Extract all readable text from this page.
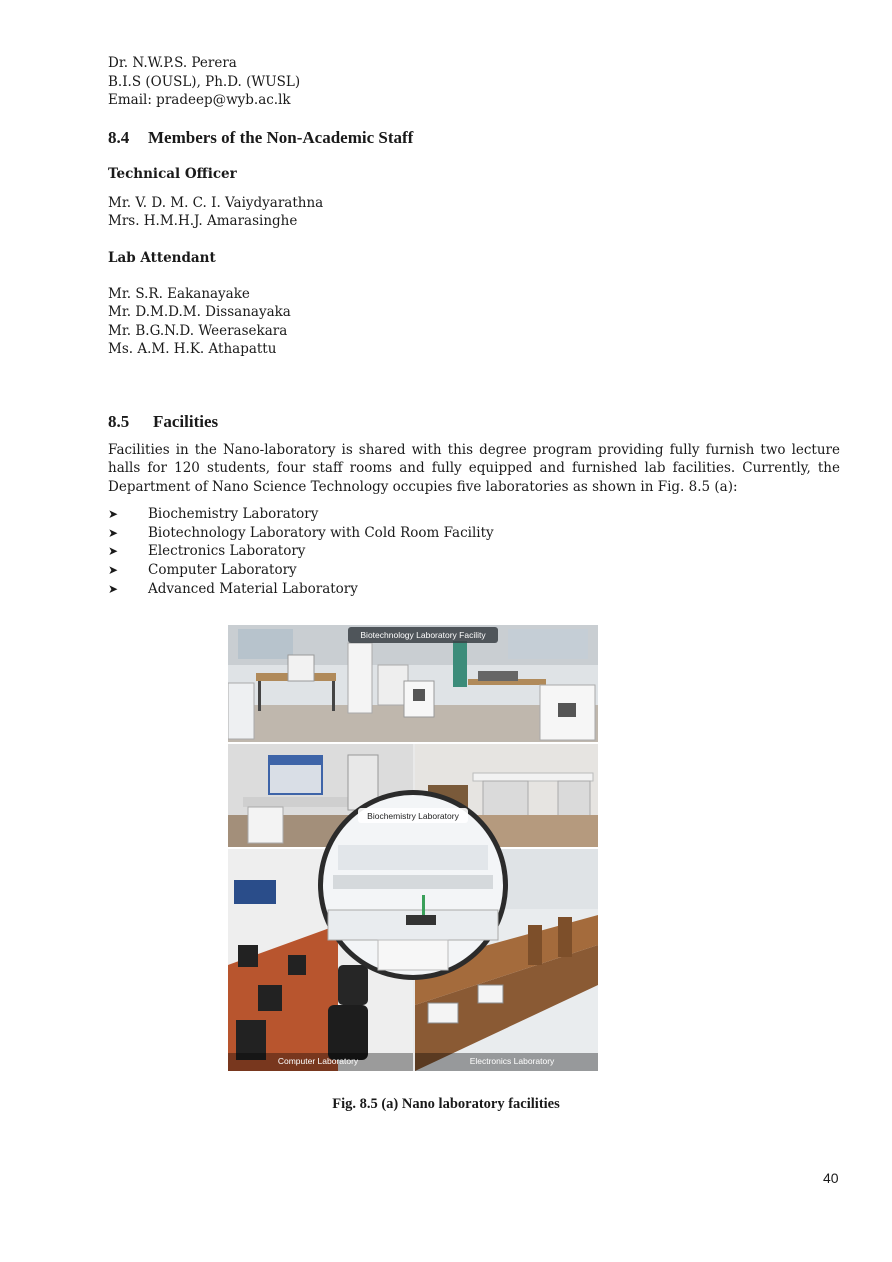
Dr. N.W.P.S. Perera
B.I.S (OUSL), Ph.D. (WUSL)
Email: pradeep@wyb.ac.lk
8.4	Members of the Non-Academic Staff
Technical Officer
Mr. V. D. M. C. I. Vaiydyarathna
Mrs. H.M.H.J. Amarasinghe
Lab Attendant
Mr. S.R. Eakanayake
Mr. D.M.D.M. Dissanayaka
Mr. B.G.N.D. Weerasekara
Ms. A.M. H.K. Athapattu
8.5	Facilities
Facilities in the Nano-laboratory is shared with this degree program providing fully furnish two lecture halls for 120 students, four staff rooms and fully equipped and furnished lab facilities. Currently, the Department of Nano Science Technology occupies five laboratories as shown in Fig. 8.5 (a):
➤	Biochemistry Laboratory
➤	Biotechnology Laboratory with Cold Room Facility
➤	Electronics Laboratory
➤	Computer Laboratory
➤	Advanced Material Laboratory
Biotechnology Laboratory Facility
Computer Laboratory	Electronics Laboratory
Biochemistry Laboratory
Fig. 8.5 (a) Nano laboratory facilities
40
